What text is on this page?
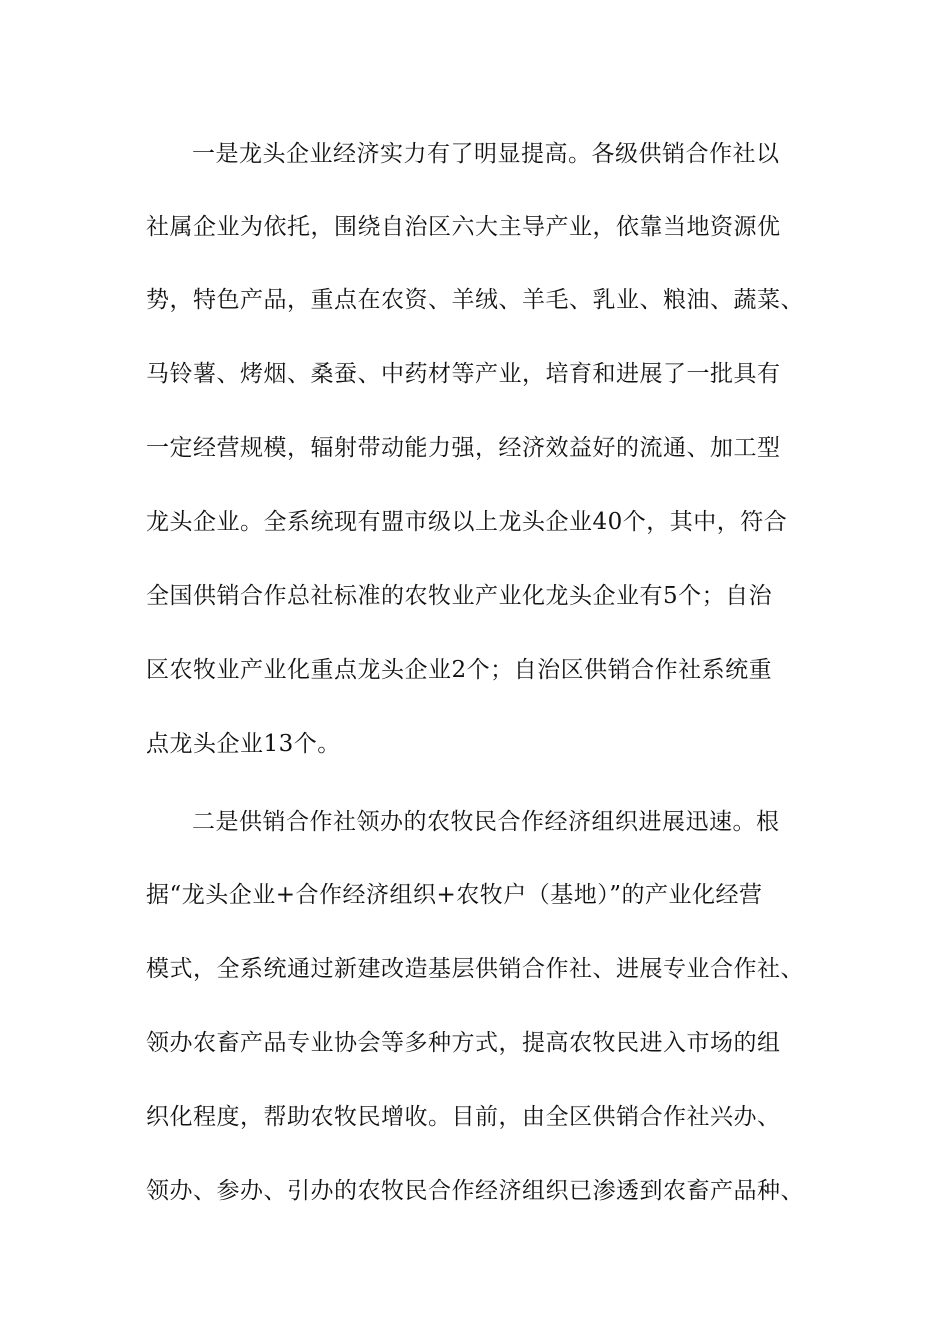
一是龙头企业经济实力有了明显提高。各级供销合作社以
社属企业为依托，围绕自治区六大主导产业，依靠当地资源优
势，特色产品，重点在农资、羊绒、羊毛、乳业、粮油、蔬菜、
马铃薯、烤烟、桑蚕、中药材等产业，培育和进展了一批具有
一定经营规模，辐射带动能力强，经济效益好的流通、加工型
龙头企业。全系统现有盟市级以上龙头企业40个，其中，符合
全国供销合作总社标准的农牧业产业化龙头企业有5个；自治
区农牧业产业化重点龙头企业2个；自治区供销合作社系统重
点龙头企业13个。
二是供销合作社领办的农牧民合作经济组织进展迅速。根
据“龙头企业+合作经济组织+农牧户（基地）”的产业化经营
模式，全系统通过新建改造基层供销合作社、进展专业合作社、
领办农畜产品专业协会等多种方式，提高农牧民进入市场的组
织化程度，帮助农牧民增收。目前，由全区供销合作社兴办、
领办、参办、引办的农牧民合作经济组织已渗透到农畜产品种、
